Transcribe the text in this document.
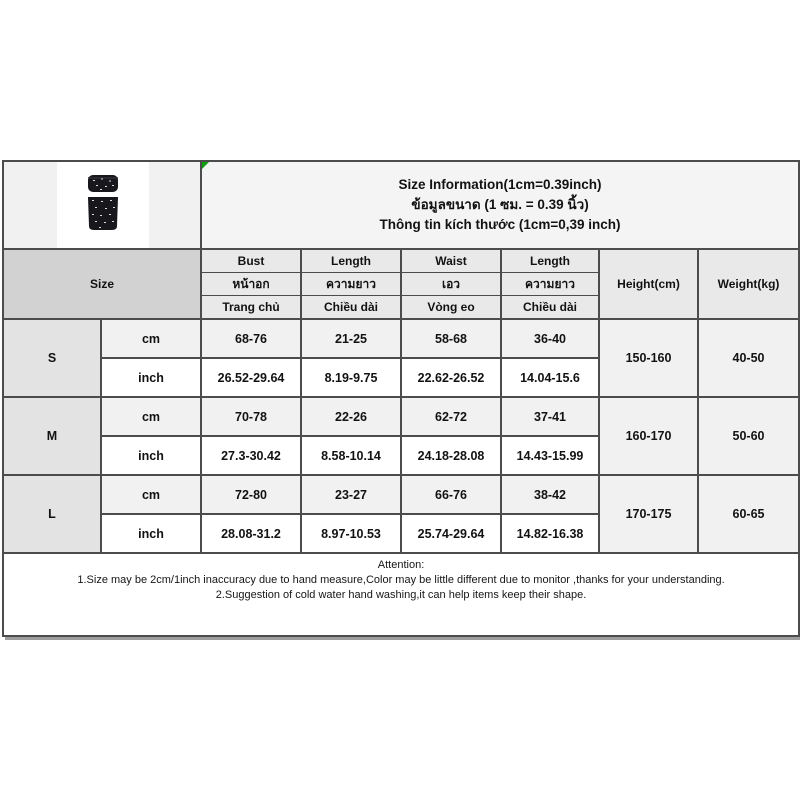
Size Information(1cm=0.39inch)
ข้อมูลขนาด (1 ซม. = 0.39 นิ้ว)
Thông tin kích thước (1cm=0,39 inch)					

Size		Bust	Length	Waist	Length	Height(cm)	Weight(kg)
		หน้าอก	ความยาว	เอว	ความยาว		
		Trang chủ	Chiều dài	Vòng eo	Chiều dài		
S	cm	68-76	21-25	58-68	36-40	150-160	40-50
	inch	26.52-29.64	8.19-9.75	22.62-26.52	14.04-15.6		
M	cm	70-78	22-26	62-72	37-41	160-170	50-60
	inch	27.3-30.42	8.58-10.14	24.18-28.08	14.43-15.99		
L	cm	72-80	23-27	66-76	38-42	170-175	60-65
	inch	28.08-31.2	8.97-10.53	25.74-29.64	14.82-16.38		

Attention:
1.Size may be 2cm/1inch inaccuracy due to hand measure,Color may be little different due to monitor ,thanks for your understanding.
2.Suggestion of cold water hand washing,it can help items keep their shape.							
